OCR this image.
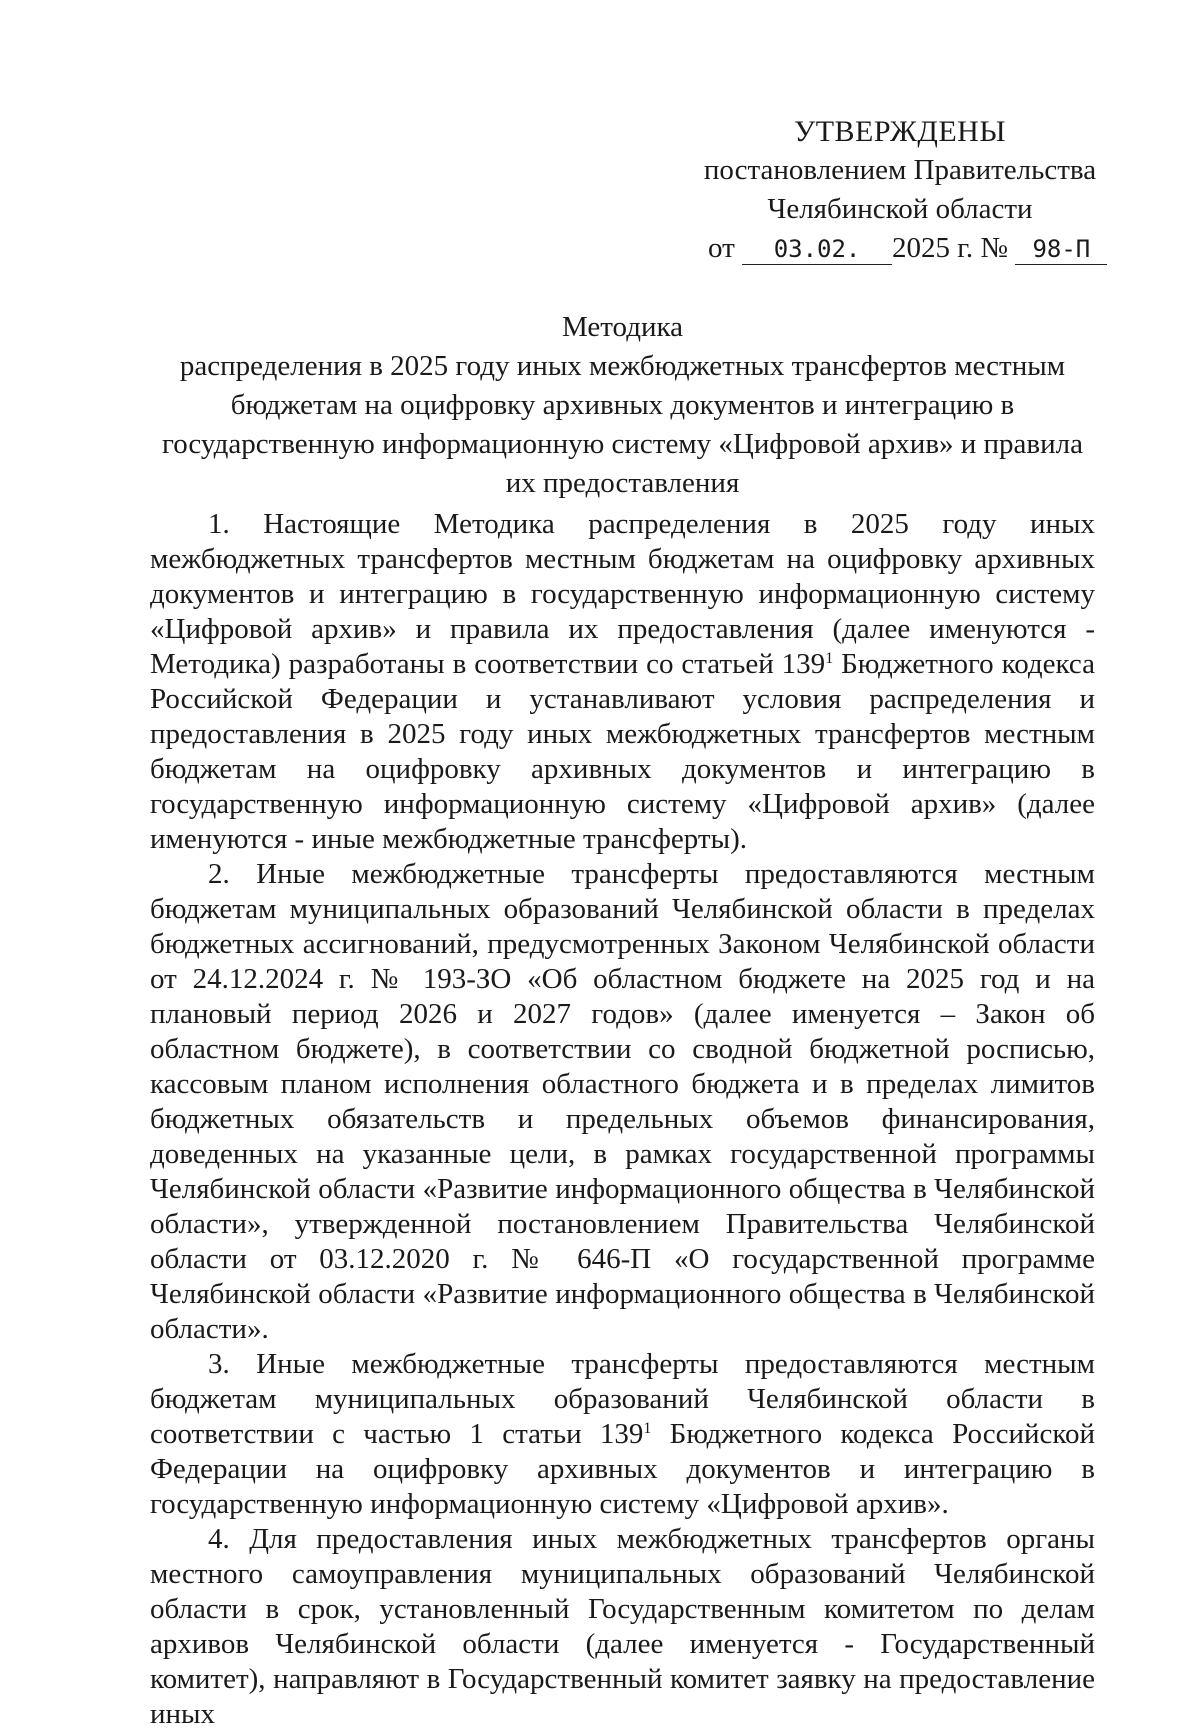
УТВЕРЖДЕНЫ
постановлением Правительства
Челябинской области
от 03.02. 2025 г. № 98-П
Методика
распределения в 2025 году иных межбюджетных трансфертов местным бюджетам на оцифровку архивных документов и интеграцию в государственную информационную систему «Цифровой архив» и правила их предоставления

1. Настоящие Методика распределения в 2025 году иных межбюджетных трансфертов местным бюджетам на оцифровку архивных документов и интеграцию в государственную информационную систему «Цифровой архив» и правила их предоставления (далее именуются - Методика) разработаны в соответствии со статьей $139^1$ Бюджетного кодекса Российской Федерации и устанавливают условия распределения и предоставления в 2025 году иных межбюджетных трансфертов местным бюджетам на оцифровку архивных документов и интеграцию в государственную информационную систему «Цифровой архив» (далее именуются - иные межбюджетные трансферты).

2. Иные межбюджетные трансферты предоставляются местным бюджетам муниципальных образований Челябинской области в пределах бюджетных ассигнований, предусмотренных Законом Челябинской области от 24.12.2024 г. № 193-ЗО «Об областном бюджете на 2025 год и на плановый период 2026 и 2027 годов» (далее именуется – Закон об областном бюджете), в соответствии со сводной бюджетной росписью, кассовым планом исполнения областного бюджета и в пределах лимитов бюджетных обязательств и предельных объемов финансирования, доведенных на указанные цели, в рамках государственной программы Челябинской области «Развитие информационного общества в Челябинской области», утвержденной постановлением Правительства Челябинской области от 03.12.2020 г. № 646-П «О государственной программе Челябинской области «Развитие информационного общества в Челябинской области».

3. Иные межбюджетные трансферты предоставляются местным бюджетам муниципальных образований Челябинской области в соответствии с частью 1 статьи $139^1$ Бюджетного кодекса Российской Федерации на оцифровку архивных документов и интеграцию в государственную информационную систему «Цифровой архив».

4. Для предоставления иных межбюджетных трансфертов органы местного самоуправления муниципальных образований Челябинской области в срок, установленный Государственным комитетом по делам архивов Челябинской области (далее именуется - Государственный комитет), направляют в Государственный комитет заявку на предоставление иных
